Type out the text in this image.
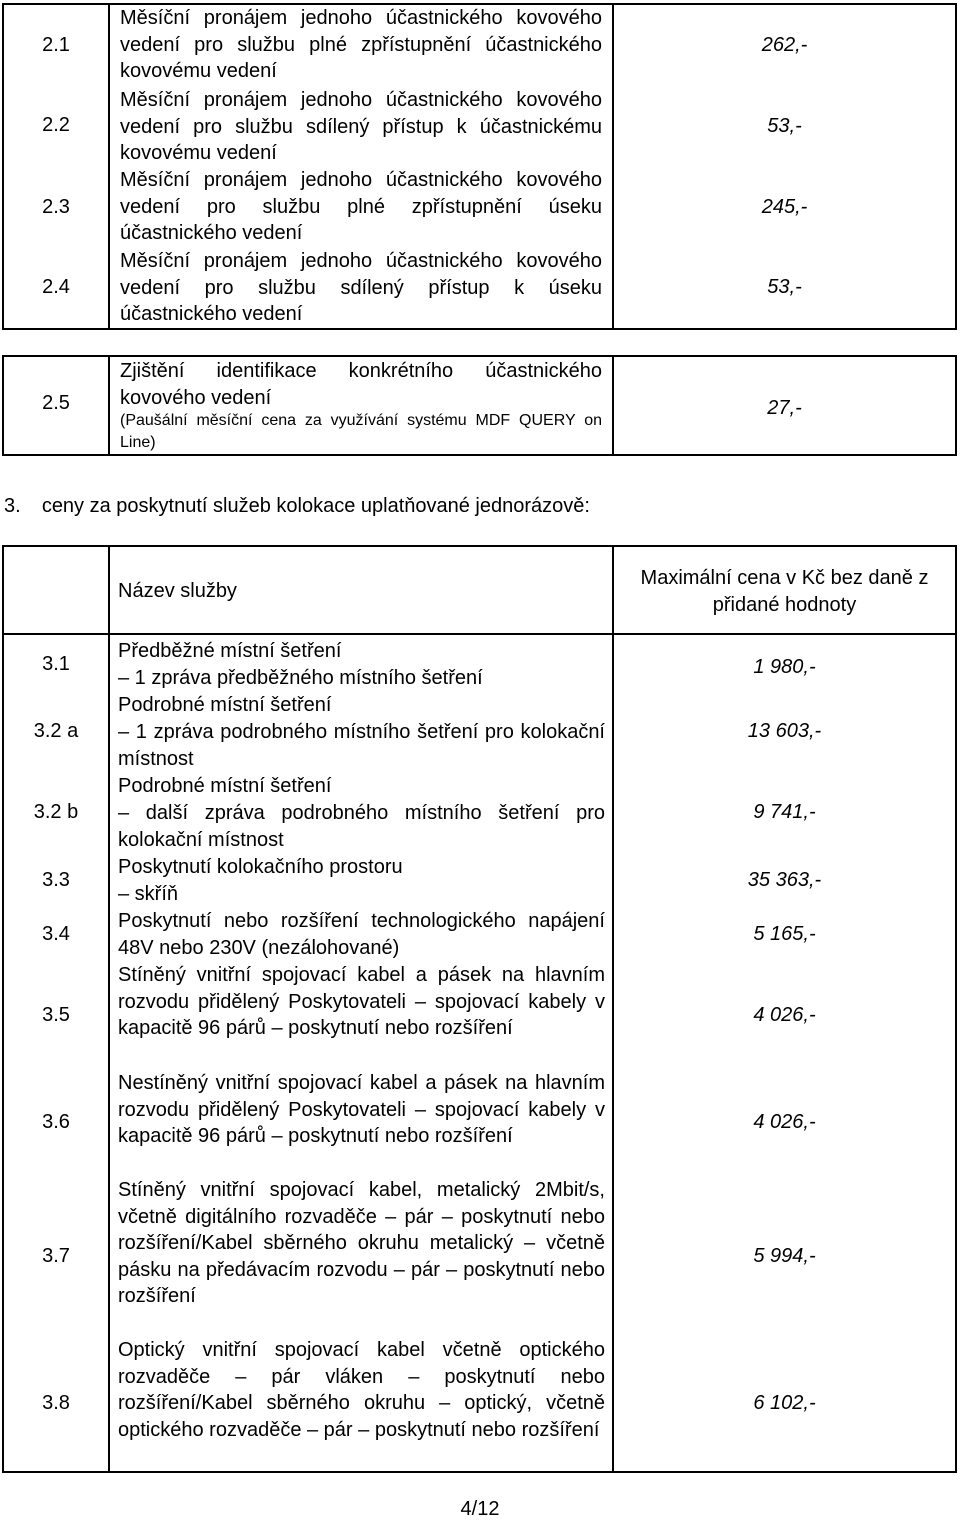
2.1
Měsíční pronájem jednoho účastnického kovového vedení pro službu plné zpřístupnění účastnického kovovému vedení
262,-
2.2
Měsíční pronájem jednoho účastnického kovového vedení pro službu sdílený přístup k účastnickému kovovému vedení
53,-
2.3
Měsíční pronájem jednoho účastnického kovového vedení pro službu plné zpřístupnění úseku účastnického vedení
245,-
2.4
Měsíční pronájem jednoho účastnického kovového vedení pro službu sdílený přístup k úseku účastnického vedení
53,-
2.5
Zjištění identifikace konkrétního účastnického kovového vedení
(Paušální měsíční cena za využívání systému MDF QUERY on Line)
27,-
3. ceny za poskytnutí služeb kolokace uplatňované jednorázově:
Název služby
Maximální cena v Kč bez daně z přidané hodnoty
3.1
Předběžné místní šetření
– 1 zpráva předběžného místního šetření	1 980,-
3.2 a
Podrobné místní šetření
– 1 zpráva podrobného místního šetření pro kolokační místnost
13 603,-
3.2 b
Podrobné místní šetření
– další zpráva podrobného místního šetření pro kolokační místnost
9 741,-
3.3
Poskytnutí kolokačního prostoru
– skříň
35 363,-
3.4
Poskytnutí nebo rozšíření technologického napájení 48V nebo 230V (nezálohované)
5 165,-
3.5
Stíněný vnitřní spojovací kabel a pásek na hlavním rozvodu přidělený Poskytovateli – spojovací kabely v kapacitě 96 párů – poskytnutí nebo rozšíření
4 026,-
3.6
Nestíněný vnitřní spojovací kabel a pásek na hlavním rozvodu přidělený Poskytovateli – spojovací kabely v kapacitě 96 párů – poskytnutí nebo rozšíření
4 026,-
3.7
Stíněný vnitřní spojovací kabel, metalický 2Mbit/s, včetně digitálního rozvaděče – pár – poskytnutí nebo rozšíření/Kabel sběrného okruhu metalický – včetně pásku na předávacím rozvodu – pár – poskytnutí nebo rozšíření
5 994,-
3.8
Optický vnitřní spojovací kabel včetně optického rozvaděče – pár vláken – poskytnutí nebo rozšíření/Kabel sběrného okruhu – optický, včetně optického rozvaděče – pár – poskytnutí nebo rozšíření
6 102,-
4/12
